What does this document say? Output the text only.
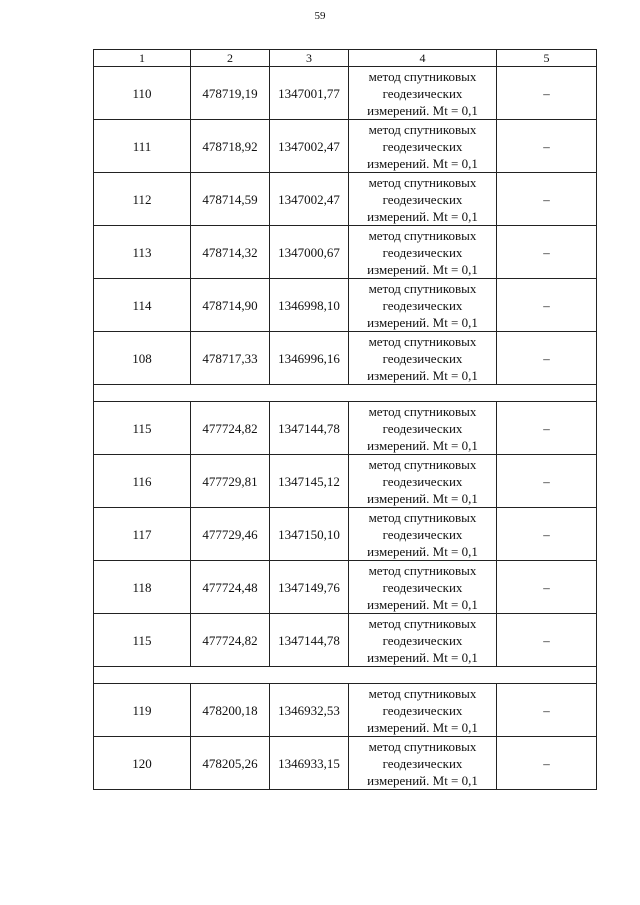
59
1	2	3	4	5
110	478719,19	1347001,77	метод спутниковых
геодезических
измерений. Mt = 0,1	–
111	478718,92	1347002,47	метод спутниковых
геодезических
измерений. Mt = 0,1	–
112	478714,59	1347002,47	метод спутниковых
геодезических
измерений. Mt = 0,1	–
113	478714,32	1347000,67	метод спутниковых
геодезических
измерений. Mt = 0,1	–
114	478714,90	1346998,10	метод спутниковых
геодезических
измерений. Mt = 0,1	–
108	478717,33	1346996,16	метод спутниковых
геодезических
измерений. Mt = 0,1	–

115	477724,82	1347144,78	метод спутниковых
геодезических
измерений. Mt = 0,1	–
116	477729,81	1347145,12	метод спутниковых
геодезических
измерений. Mt = 0,1	–
117	477729,46	1347150,10	метод спутниковых
геодезических
измерений. Mt = 0,1	–
118	477724,48	1347149,76	метод спутниковых
геодезических
измерений. Mt = 0,1	–
115	477724,82	1347144,78	метод спутниковых
геодезических
измерений. Mt = 0,1	–

119	478200,18	1346932,53	метод спутниковых
геодезических
измерений. Mt = 0,1	–
120	478205,26	1346933,15	метод спутниковых
геодезических
измерений. Mt = 0,1	–
